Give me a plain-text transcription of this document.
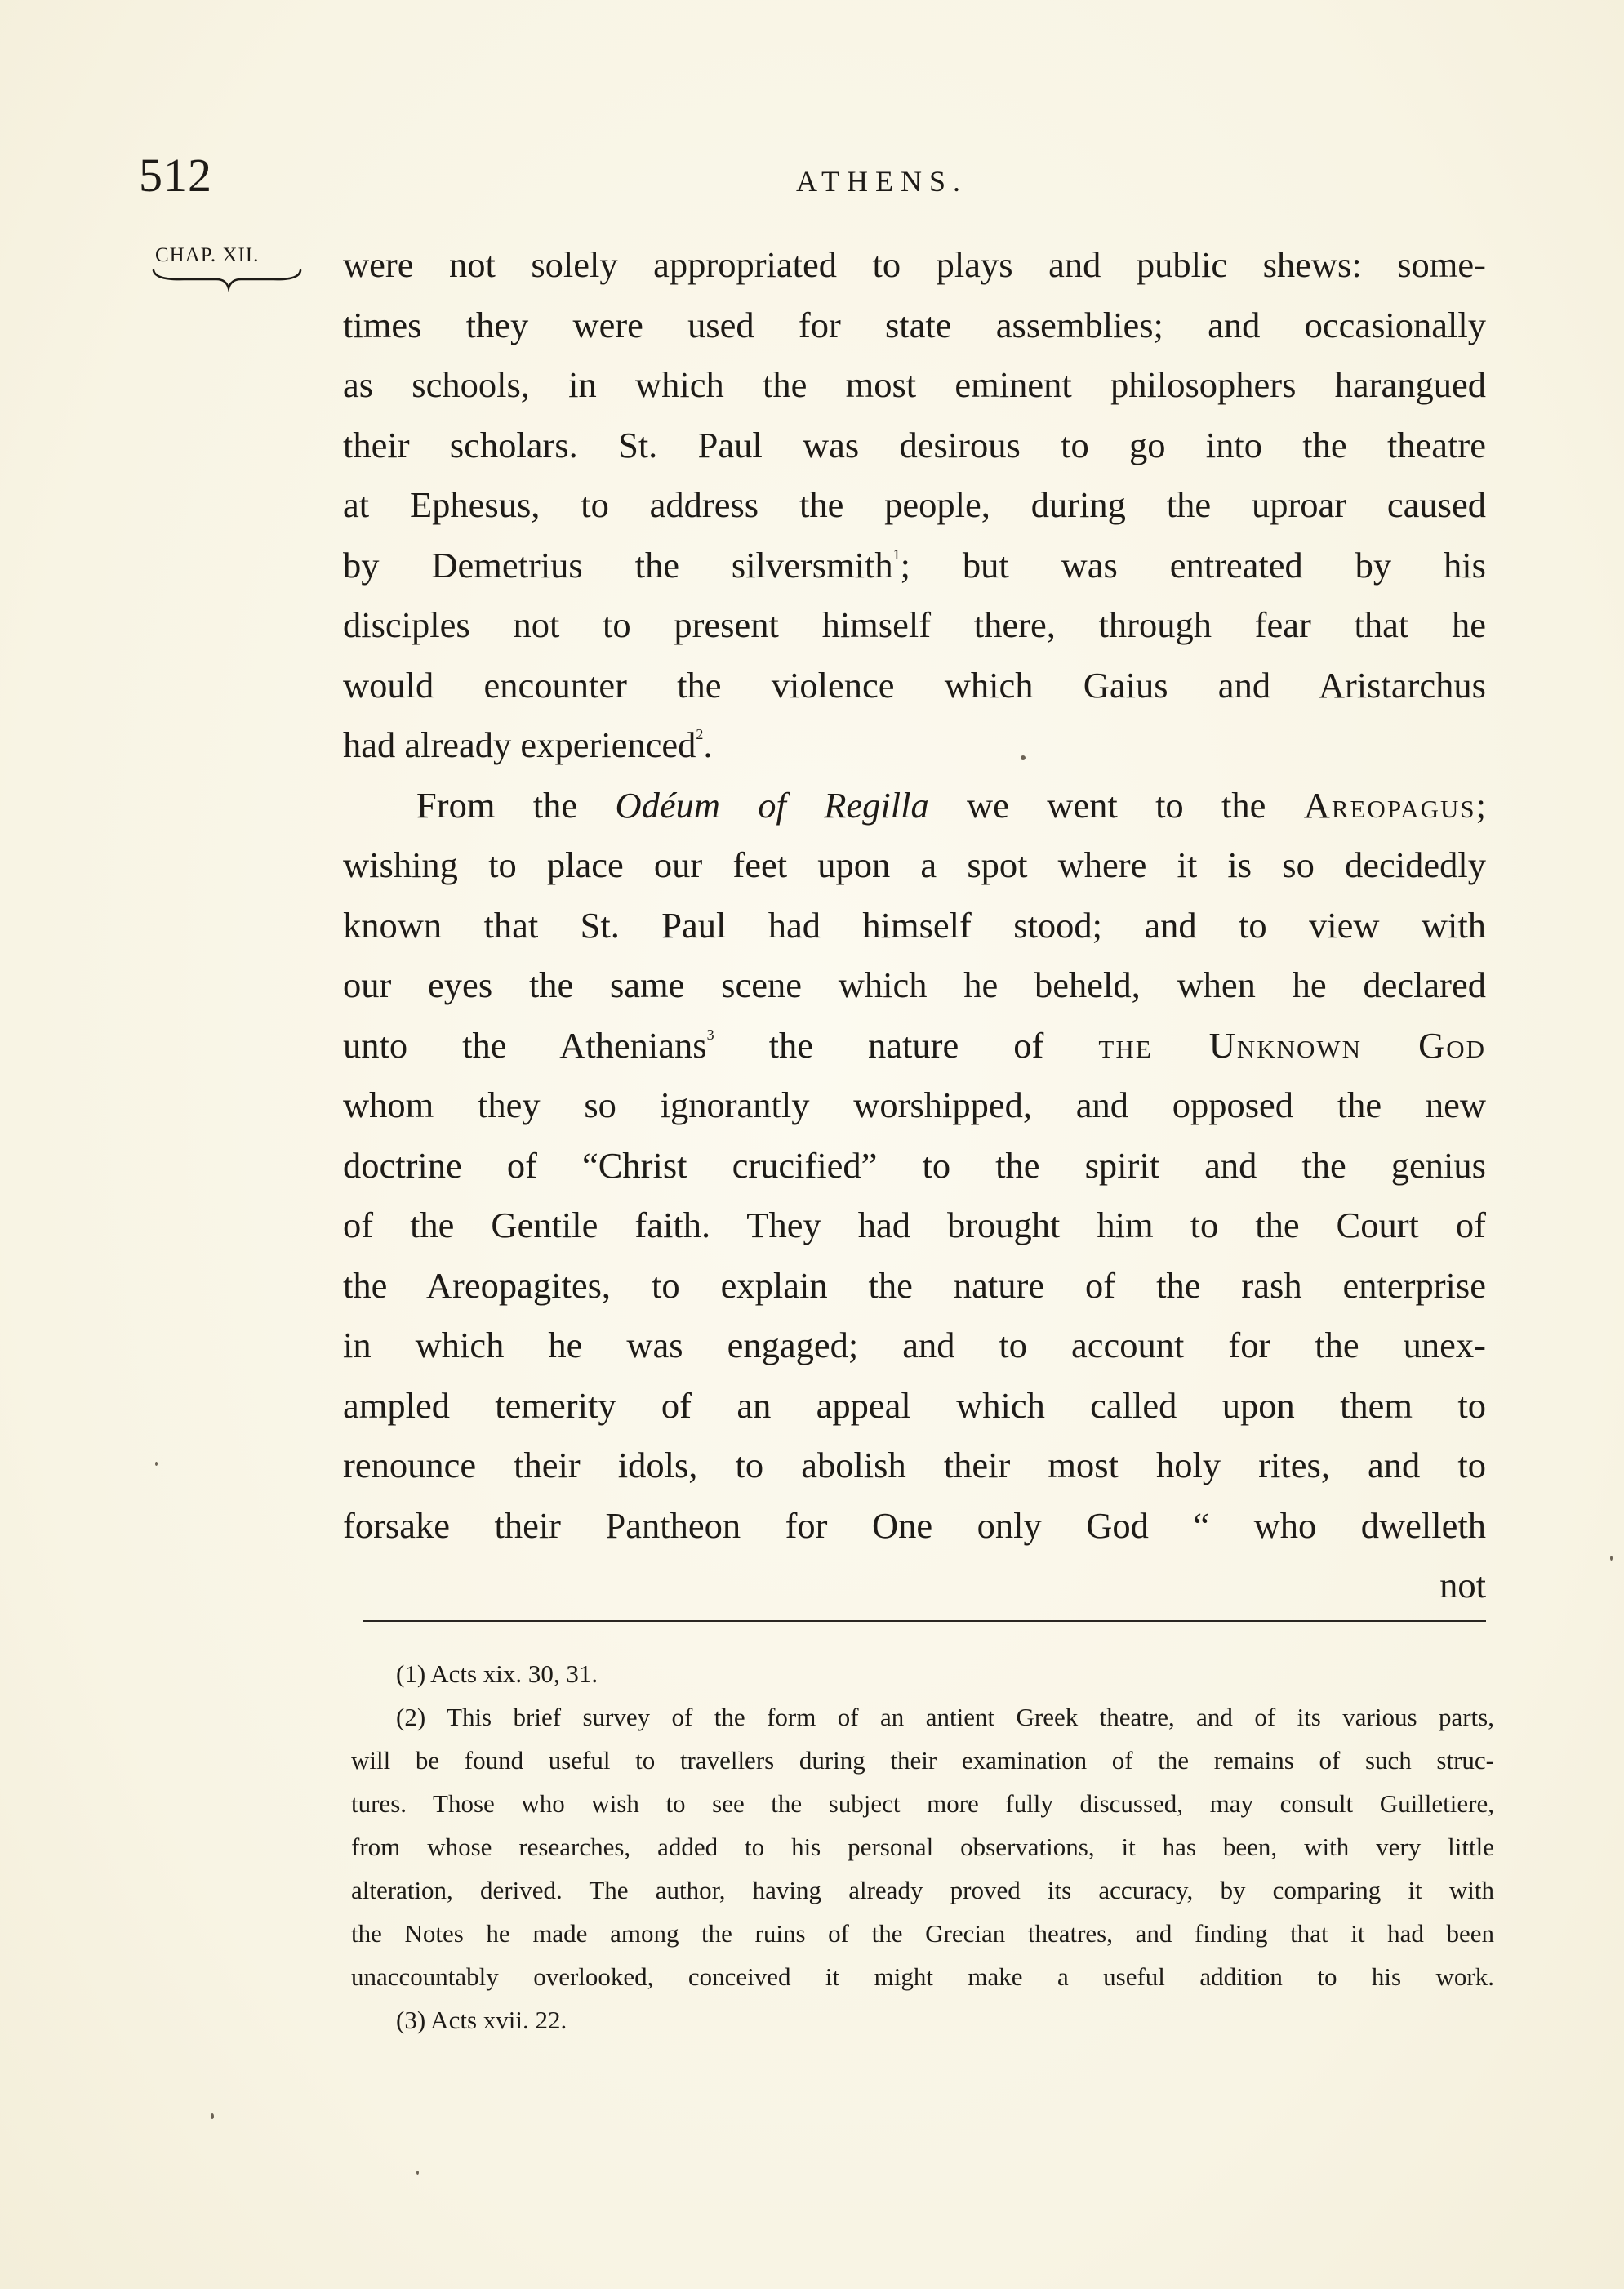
512	ATHENS.
CHAP. XII.	were not solely appropriated to plays and public shews: some-
times they were used for state assemblies; and occasionally
as schools, in which the most eminent philosophers harangued
their scholars. St. Paul was desirous to go into the theatre
at Ephesus, to address the people, during the uproar caused
by Demetrius the silversmith$^1$; but was entreated by his
disciples not to present himself there, through fear that he
would encounter the violence which Gaius and Aristarchus
had already experienced$^2$.
From the Odéum of Regilla we went to the Areopagus;
wishing to place our feet upon a spot where it is so decidedly
known that St. Paul had himself stood; and to view with
our eyes the same scene which he beheld, when he declared
unto the Athenians$^3$ the nature of the Unknown God
whom they so ignorantly worshipped, and opposed the new
doctrine of “Christ crucified” to the spirit and the genius
of the Gentile faith. They had brought him to the Court of
the Areopagites, to explain the nature of the rash enterprise
in which he was engaged; and to account for the unex-
ampled temerity of an appeal which called upon them to
renounce their idols, to abolish their most holy rites, and to
forsake their Pantheon for One only God “ who dwelleth
not
(1) Acts xix. 30, 31.
(2) This brief survey of the form of an antient Greek theatre, and of its various parts,
will be found useful to travellers during their examination of the remains of such struc-
tures. Those who wish to see the subject more fully discussed, may consult Guilletiere,
from whose researches, added to his personal observations, it has been, with very little
alteration, derived. The author, having already proved its accuracy, by comparing it with
the Notes he made among the ruins of the Grecian theatres, and finding that it had been
unaccountably overlooked, conceived it might make a useful addition to his work.
(3) Acts xvii. 22.
